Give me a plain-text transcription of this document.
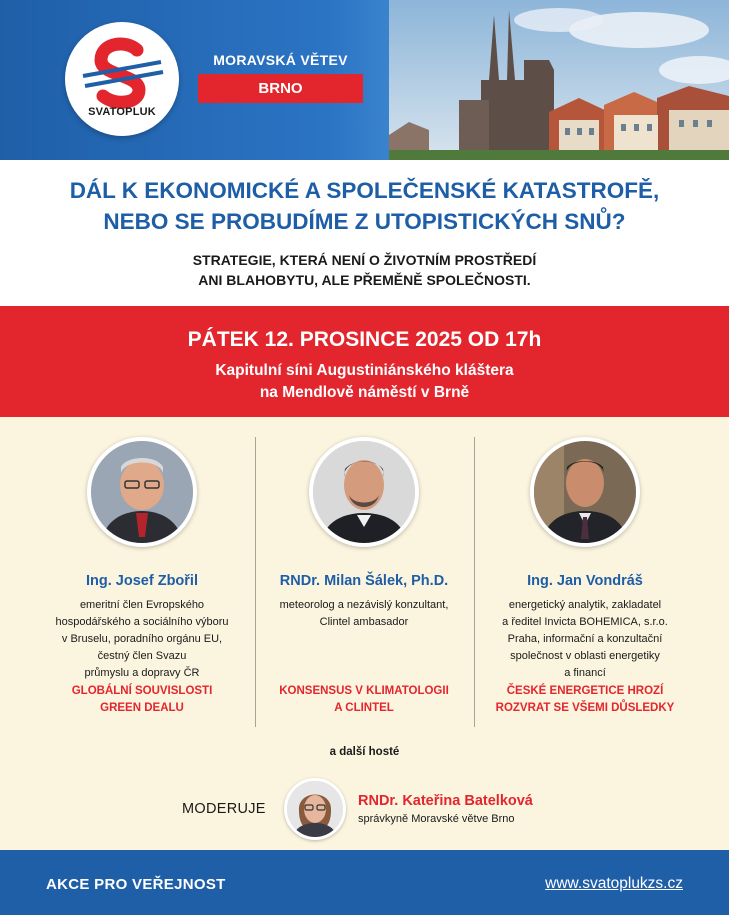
SVATOPLUK
MORAVSKÁ VĚTEV
BRNO
DÁL K EKONOMICKÉ A SPOLEČENSKÉ KATASTROFĚ,
NEBO SE PROBUDÍME Z UTOPISTICKÝCH SNŮ?
STRATEGIE, KTERÁ NENÍ O ŽIVOTNÍM PROSTŘEDÍ
ANI BLAHOBYTU, ALE PŘEMĚNĚ SPOLEČNOSTI.
PÁTEK 12. PROSINCE 2025 OD 17h
Kapitulní síni Augustiniánského kláštera
na Mendlově náměstí v Brně
Ing. Josef Zbořil
emeritní člen Evropského
hospodářského a sociálního výboru
v Bruselu, poradního orgánu EU,
čestný člen Svazu
průmyslu a dopravy ČR
GLOBÁLNÍ SOUVISLOSTI
GREEN DEALU
RNDr. Milan Šálek, Ph.D.
meteorolog a nezávislý konzultant,
Clintel ambasador
KONSENSUS V KLIMATOLOGII
A CLINTEL
Ing. Jan Vondráš
energetický analytik, zakladatel
a ředitel Invicta BOHEMICA, s.r.o.
Praha, informační a konzultační
společnost v oblasti energetiky
a financí
ČESKÉ ENERGETICE HROZÍ
ROZVRAT SE VŠEMI DŮSLEDKY
a další hosté
MODERUJE	RNDr. Kateřina Batelková
správkyně Moravské větve Brno
AKCE PRO VEŘEJNOST	www.svatoplukzs.cz
